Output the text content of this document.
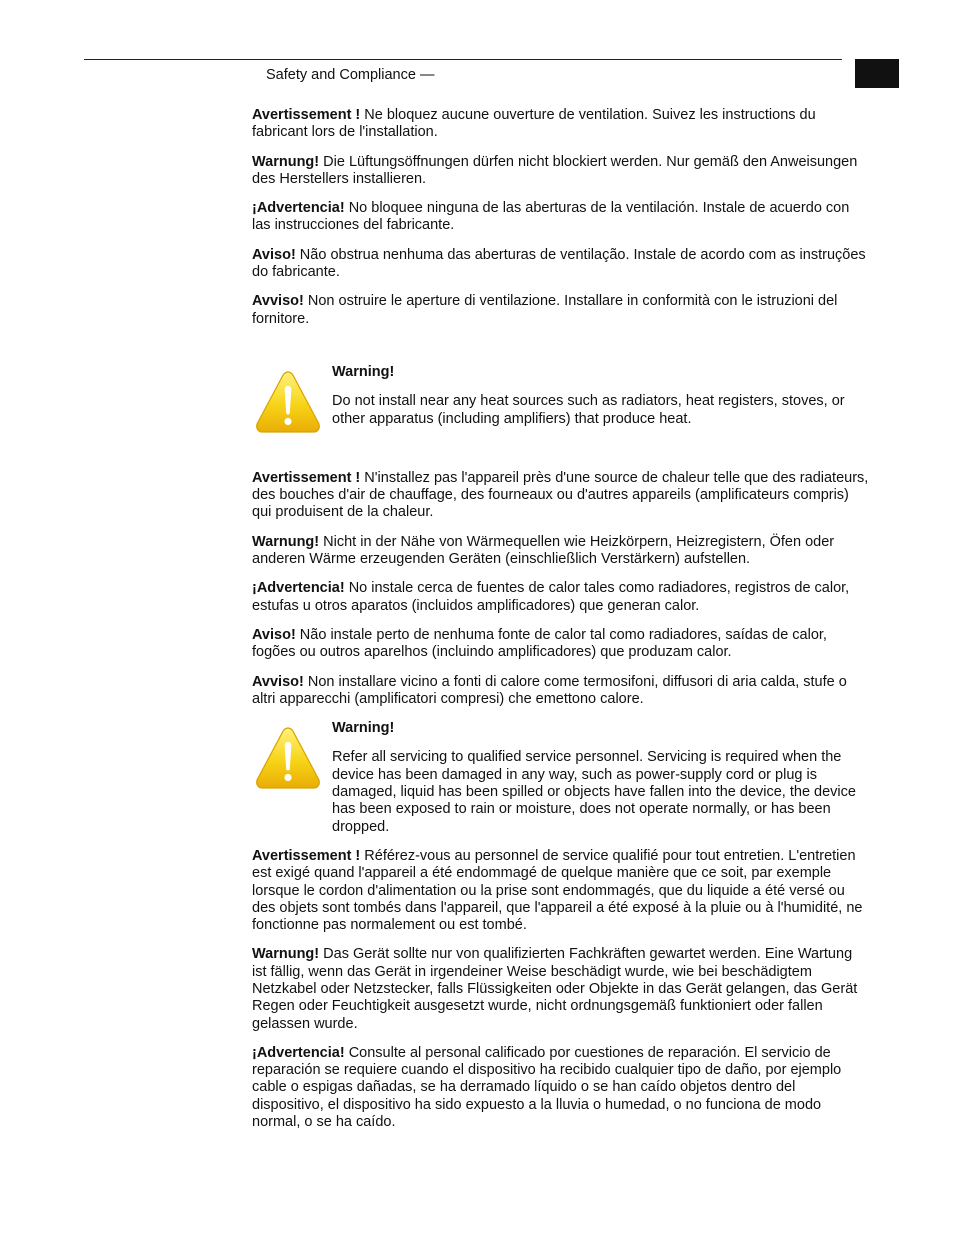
Safety and Compliance —

Avertissement ! Ne bloquez aucune ouverture de ventilation. Suivez les instructions du fabricant lors de l'installation.

Warnung! Die Lüftungsöffnungen dürfen nicht blockiert werden. Nur gemäß den Anweisungen des Herstellers installieren.

¡Advertencia! No bloquee ninguna de las aberturas de la ventilación. Instale de acuerdo con las instrucciones del fabricante.

Aviso! Não obstrua nenhuma das aberturas de ventilação. Instale de acordo com as instruções do fabricante.

Avviso! Non ostruire le aperture di ventilazione. Installare in conformità con le istruzioni del fornitore.

Warning!

Do not install near any heat sources such as radiators, heat registers, stoves, or other apparatus (including amplifiers) that produce heat.

Avertissement ! N'installez pas l'appareil près d'une source de chaleur telle que des radiateurs, des bouches d'air de chauffage, des fourneaux ou d'autres appareils (amplificateurs compris) qui produisent de la chaleur.

Warnung! Nicht in der Nähe von Wärmequellen wie Heizkörpern, Heizregistern, Öfen oder anderen Wärme erzeugenden Geräten (einschließlich Verstärkern) aufstellen.

¡Advertencia! No instale cerca de fuentes de calor tales como radiadores, registros de calor, estufas u otros aparatos (incluidos amplificadores) que generan calor.

Aviso! Não instale perto de nenhuma fonte de calor tal como radiadores, saídas de calor, fogões ou outros aparelhos (incluindo amplificadores) que produzam calor.

Avviso! Non installare vicino a fonti di calore come termosifoni, diffusori di aria calda, stufe o altri apparecchi (amplificatori compresi) che emettono calore.

Warning!

Refer all servicing to qualified service personnel. Servicing is required when the device has been damaged in any way, such as power-supply cord or plug is damaged, liquid has been spilled or objects have fallen into the device, the device has been exposed to rain or moisture, does not operate normally, or has been dropped.

Avertissement ! Référez-vous au personnel de service qualifié pour tout entretien. L'entretien est exigé quand l'appareil a été endommagé de quelque manière que ce soit, par exemple lorsque le cordon d'alimentation ou la prise sont endommagés, que du liquide a été versé ou des objets sont tombés dans l'appareil, que l'appareil a été exposé à la pluie ou à l'humidité, ne fonctionne pas normalement ou est tombé.

Warnung! Das Gerät sollte nur von qualifizierten Fachkräften gewartet werden. Eine Wartung ist fällig, wenn das Gerät in irgendeiner Weise beschädigt wurde, wie bei beschädigtem Netzkabel oder Netzstecker, falls Flüssigkeiten oder Objekte in das Gerät gelangen, das Gerät Regen oder Feuchtigkeit ausgesetzt wurde, nicht ordnungsgemäß funktioniert oder fallen gelassen wurde.

¡Advertencia! Consulte al personal calificado por cuestiones de reparación. El servicio de reparación se requiere cuando el dispositivo ha recibido cualquier tipo de daño, por ejemplo cable o espigas dañadas, se ha derramado líquido o se han caído objetos dentro del dispositivo, el dispositivo ha sido expuesto a la lluvia o humedad, o no funciona de modo normal, o se ha caído.
